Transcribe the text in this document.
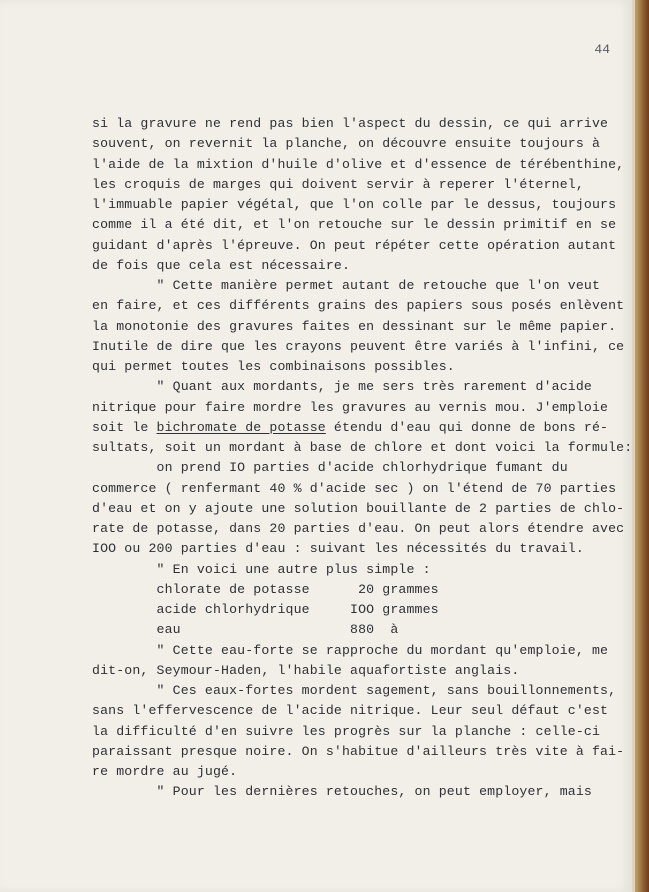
44
si la gravure ne rend pas bien l'aspect du dessin, ce qui arrive
souvent, on revernit la planche, on découvre ensuite toujours à
l'aide de la mixtion d'huile d'olive et d'essence de térébenthine,
les croquis de marges qui doivent servir à reperer l'éternel,
l'immuable papier végétal, que l'on colle par le dessus, toujours
comme il a été dit, et l'on retouche sur le dessin primitif en se
guidant d'après l'épreuve. On peut répéter cette opération autant
de fois que cela est nécessaire.
" Cette manière permet autant de retouche que l'on veut
en faire, et ces différents grains des papiers sous posés enlèvent
la monotonie des gravures faites en dessinant sur le même papier.
Inutile de dire que les crayons peuvent être variés à l'infini, ce
qui permet toutes les combinaisons possibles.
" Quant aux mordants, je me sers très rarement d'acide
nitrique pour faire mordre les gravures au vernis mou. J'emploie
soit le bichromate de potasse étendu d'eau qui donne de bons ré-
sultats, soit un mordant à base de chlore et dont voici la formule:
on prend IO parties d'acide chlorhydrique fumant du
commerce ( renfermant 40 % d'acide sec ) on l'étend de 70 parties
d'eau et on y ajoute une solution bouillante de 2 parties de chlo-
rate de potasse, dans 20 parties d'eau. On peut alors étendre avec
IOO ou 200 parties d'eau : suivant les nécessités du travail.
" En voici une autre plus simple :
chlorate de potasse      20 grammes
acide chlorhydrique     IOO grammes
eau                     880  à
" Cette eau-forte se rapproche du mordant qu'emploie, me
dit-on, Seymour-Haden, l'habile aquafortiste anglais.
" Ces eaux-fortes mordent sagement, sans bouillonnements,
sans l'effervescence de l'acide nitrique. Leur seul défaut c'est
la difficulté d'en suivre les progrès sur la planche : celle-ci
paraissant presque noire. On s'habitue d'ailleurs très vite à fai-
re mordre au jugé.
" Pour les dernières retouches, on peut employer, mais
